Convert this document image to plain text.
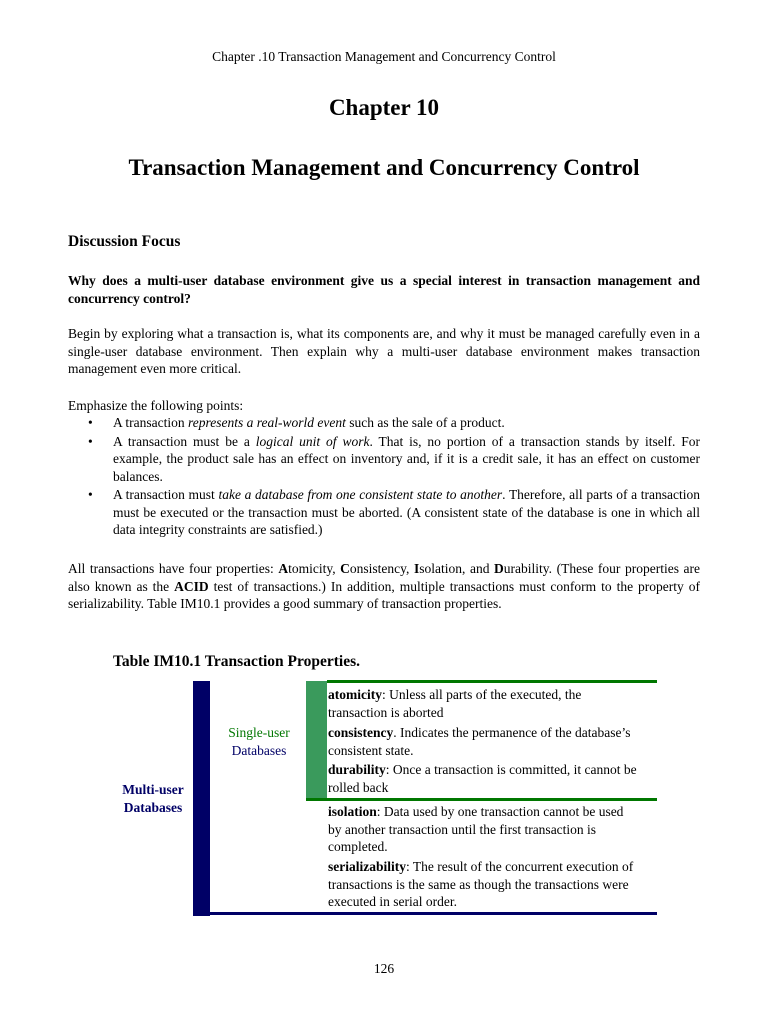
Chapter .10 Transaction Management and Concurrency Control
Chapter 10
Transaction Management and Concurrency Control
Discussion Focus
Why does a multi-user database environment give us a special interest in transaction management and concurrency control?
Begin by exploring what a transaction is, what its components are, and why it must be managed carefully even in a single-user database environment. Then explain why a multi-user database environment makes transaction management even more critical.
Emphasize the following points:
• A transaction represents a real-world event such as the sale of a product.
• A transaction must be a logical unit of work. That is, no portion of a transaction stands by itself. For example, the product sale has an effect on inventory and, if it is a credit sale, it has an effect on customer balances.
• A transaction must take a database from one consistent state to another. Therefore, all parts of a transaction must be executed or the transaction must be aborted. (A consistent state of the database is one in which all data integrity constraints are satisfied.)
All transactions have four properties: Atomicity, Consistency, Isolation, and Durability. (These four properties are also known as the ACID test of transactions.) In addition, multiple transactions must conform to the property of serializability. Table IM10.1 provides a good summary of transaction properties.
Table IM10.1 Transaction Properties.
Multi-user
Databases
Single-user
Databases
atomicity: Unless all parts of the executed, the transaction is aborted
consistency. Indicates the permanence of the database’s consistent state.
durability: Once a transaction is committed, it cannot be rolled back
isolation: Data used by one transaction cannot be used by another transaction until the first transaction is completed.
serializability: The result of the concurrent execution of transactions is the same as though the transactions were executed in serial order.
126
